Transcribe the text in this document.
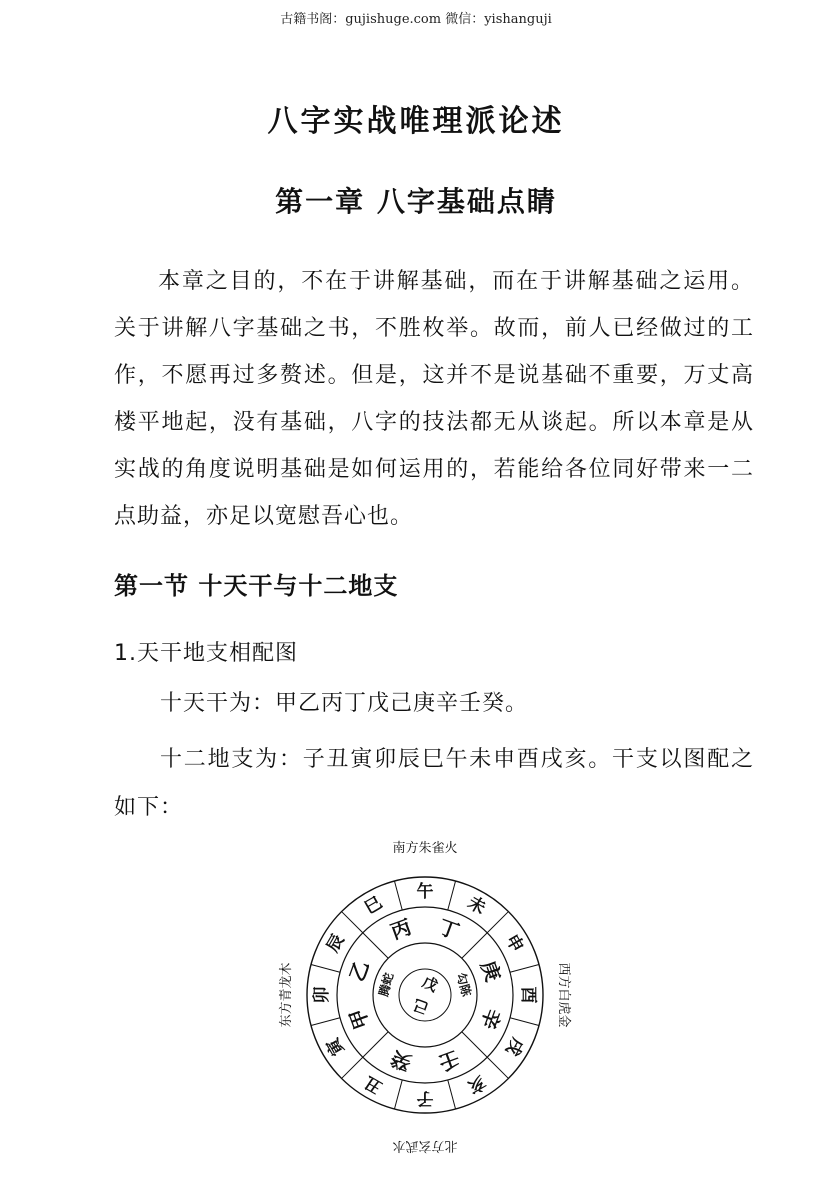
古籍书阁：gujishuge.com 微信：yishanguji
八字实战唯理派论述
第一章 八字基础点睛
本章之目的，不在于讲解基础，而在于讲解基础之运用。关于讲解八字基础之书，不胜枚举。故而，前人已经做过的工作，不愿再过多赘述。但是，这并不是说基础不重要，万丈高楼平地起，没有基础，八字的技法都无从谈起。所以本章是从实战的角度说明基础是如何运用的，若能给各位同好带来一二点助益，亦足以宽慰吾心也。
第一节 十天干与十二地支
1.天干地支相配图
十天干为：甲乙丙丁戊己庚辛壬癸。
十二地支为：子丑寅卯辰巳午未申酉戌亥。干支以图配之如下：
南方朱雀火
北方玄武水
东方青龙木	西方白虎金
午
未
申
酉
戌
亥
子
丑
寅
卯
辰
巳
丙 丁
庚
辛
壬
癸
甲
乙	戊
己
勾陈
腾蛇
